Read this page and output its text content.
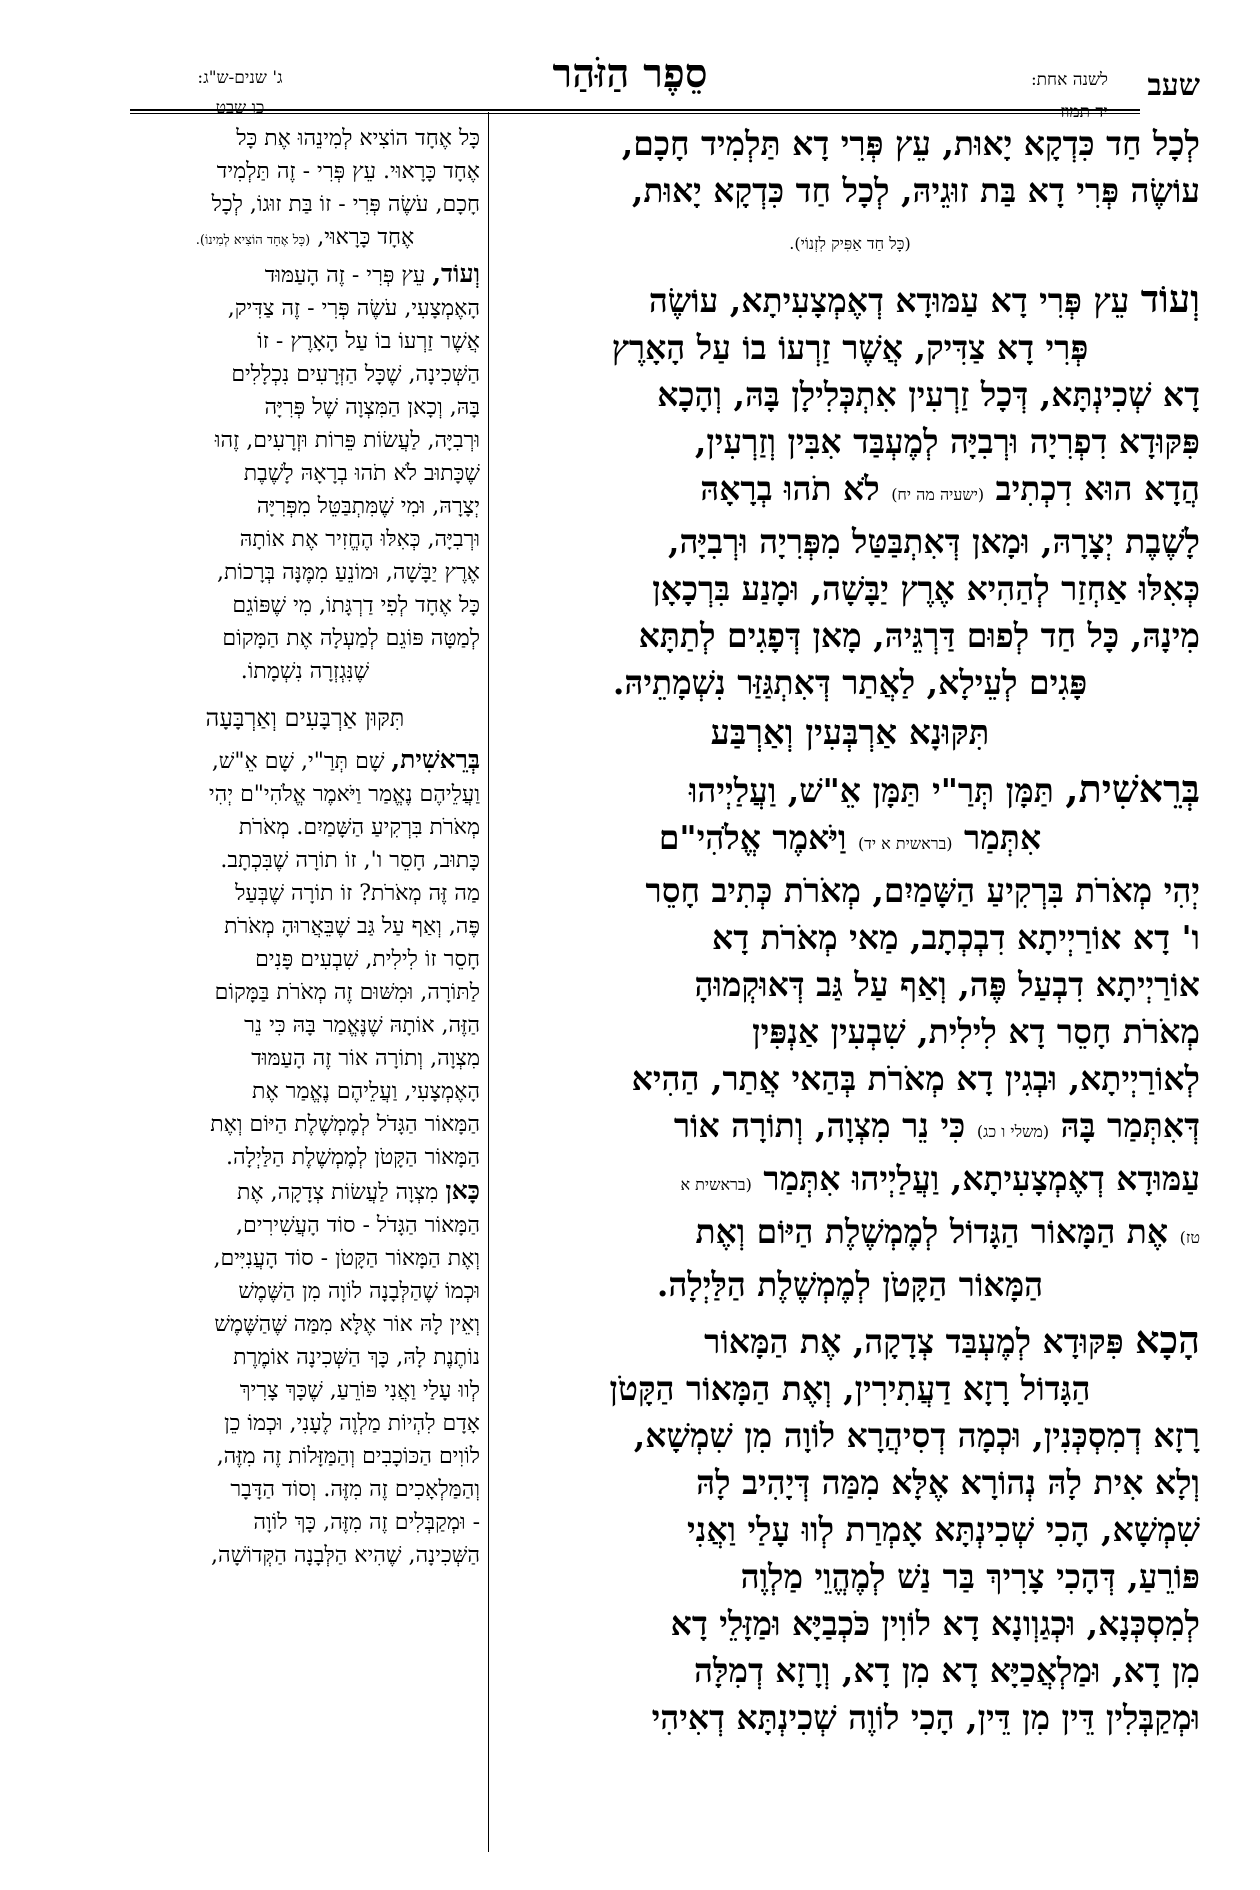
שעב
לשנה אחת:
יד תמוז
סֵפֶר הַזֹּהַר
ג' שנים-ש"ג:
כו שבט

לְכָל חַד כִּדְקָא יָאוּת, עֵץ פְּרִי דָא תַּלְמִיד חָכָם,

עוֹשֶׂה פְּרִי דָא בַּת זוּגֵיהּ, לְכָל חַד כִּדְקָא יָאוּת,

(כָּל חַד אַפִּיק לִזְנוֹי).

וְעוֹד עֵץ פְּרִי דָא עַמּוּדָא דְאֶמְצָעִיתָא, עוֹשֶׂה

פְּרִי דָא צַדִּיק, אֲשֶׁר זַרְעוֹ בוֹ עַל הָאָרֶץ

דָא שְׁכִינְתָּא, דְּכָל זַרְעִין אִתְכְּלִילָן בָּהּ, וְהָכָא

פִּקּוּדָא דִפְרִיָה וּרְבִיָּה לְמֶעְבַּד אִבִּין וְזַרְעִין,

הֲדָא הוּא דִכְתִיב (ישעיה מה יח) לֹא תֹהוּ בְרָאָהּ

לָשֶׁבֶת יְצָרָהּ, וּמָאן דְּאִתְבַּטַּל מִפְּרִיָה וּרְבִיָּה,

כְּאִלּוּ אַחְזַר לְהַהִיא אֶרֶץ יַבָּשָׁה, וּמָנַע בִּרְכָאָן

מִינָהּ, כָּל חַד לְפוּם דַּרְגֵּיהּ, מָאן דְּפָגִים לְתַתָּא

פָּגִים לְעֵילָא, לַאֲתַר דְּאִתְגַּזַּר נִשְׁמָתֵיהּ.

תִּקּוּנָא אַרְבְּעִין וְאַרְבַּע

בְּרֵאשִׁית, תַּמָּן תְּרַ"י תַּמָּן אֵ"שׁ, וַעֲלַיְיהוּ

אִתְּמַר (בראשית א יד) וַיֹּאמֶר אֱלֹהִי"ם

יְהִי מְאֹרֹת בִּרְקִיעַ הַשָּׁמַיִם, מְאֹרֹת כְּתִיב חָסֵר

ו' דָא אוֹרַיְיתָא דִבְכְתָב, מַאי מְאֹרֹת דָא

אוֹרַיְיתָא דִבְעַל פֶּה, וְאַף עַל גַּב דְּאוּקְמוּהָ

מְאֹרֹת חָסֵר דָא לִילִית, שִׁבְעִין אַנְפִּין

לְאוֹרַיְיתָא, וּבְגִין דָא מְאֹרֹת בְּהַאי אֲתַר, הַהִיא

דְּאִתְּמַר בָּהּ (משלי ו כג) כִּי נֵר מִצְוָה, וְתוֹרָה אוֹר

עַמּוּדָא דְאֶמְצָעִיתָא, וַעֲלַיְיהוּ אִתְּמַר (בראשית א

טז) אֶת הַמָּאוֹר הַגָּדוֹל לְמֶמְשֶׁלֶת הַיּוֹם וְאֶת

הַמָּאוֹר הַקָּטֹן לְמֶמְשֶׁלֶת הַלַּיְלָה.

הָכָא פִּקּוּדָא לְמֶעְבַּד צְדָקָה, אֶת הַמָּאוֹר

הַגָּדוֹל רָזָא דַעֲתִירִין, וְאֶת הַמָּאוֹר הַקָּטֹן

רָזָא דְמִסְכְּנִין, וּכְמָה דְסִיהֲרָא לוֹוָה מִן שִׁמְשָׁא,

וְלָא אִית לָהּ נְהוֹרָא אֶלָּא מִמַּה דְּיָהִיב לָהּ

שִׁמְשָׁא, הָכִי שְׁכִינְתָּא אָמְרַת לְווּ עָלַי וַאֲנִי

פּוֹרֵעַ, דְּהָכִי צָרִיךְ בַּר נַשׁ לְמֶהֱוֵי מַלְוֶה

לְמִסְכְּנָא, וּכְגַוְונָא דָא לוֹוִין כֹּכְבַיָּא וּמַזָּלֵי דָא

מִן דָא, וּמַלְאֲכַיָּא דָא מִן דָא, וְרָזָא דְמִלָּה

וּמְקַבְּלִין דֵּין מִן דֵּין, הָכִי לוֹוֶה שְׁכִינְתָּא דְאִיהִי

כָּל אֶחָד הוֹצִיא לְמִינֵהוּ אֶת כָּל

אֶחָד כָּרָאוּי. עֵץ פְּרִי - זֶה תַּלְמִיד

חָכָם, עֹשֶׂה פְּרִי - זוֹ בַּת זוּגוֹ, לְכָל

אֶחָד כָּרָאוּי, (כָּל אֶחָד הוֹצִיא לְמִינוֹ).

וְעוֹד, עֵץ פְּרִי - זֶה הָעַמּוּד

הָאֶמְצָעִי, עֹשֶׂה פְּרִי - זֶה צַדִּיק,

אֲשֶׁר זַרְעוֹ בוֹ עַל הָאָרֶץ - זוֹ

הַשְּׁכִינָה, שֶׁכָּל הַזְּרָעִים נִכְלָלִים

בָּהּ, וְכָאן הַמִּצְוָה שֶׁל פְּרִיָּה

וּרְבִיָּה, לַעֲשׂוֹת פֵּרוֹת וּזְרָעִים, זֶהוּ

שֶׁכָּתוּב לֹא תֹהוּ בְרָאָהּ לָשֶׁבֶת

יְצָרָהּ, וּמִי שֶׁמִּתְבַּטֵּל מִפְּרִיָּה

וּרְבִיָּה, כְּאִלּוּ הֶחֱזִיר אֶת אוֹתָהּ

אֶרֶץ יַבָּשָׁה, וּמוֹנֵעַ מִמֶּנָּה בְּרָכוֹת,

כָּל אֶחָד לְפִי דַרְגָּתוֹ, מִי שֶׁפּוֹגֵם

לְמַטָּה פּוֹגֵם לְמַעְלָה אֶת הַמָּקוֹם

שֶׁנִּגְזְרָה נִשְׁמָתוֹ.

תִּקּוּן אַרְבָּעִים וְאַרְבָּעָה

בְּרֵאשִׁית, שָׁם תְּרַ"י, שָׁם אֵ"שׁ,

וַעֲלֵיהֶם נֶאֱמַר וַיֹּאמֶר אֱלֹהִי"ם יְהִי

מְאֹרֹת בִּרְקִיעַ הַשָּׁמַיִם. מְאֹרֹת

כָּתוּב, חָסֵר ו', זוֹ תוֹרָה שֶׁבִּכְתָב.

מַה זֶּה מְאֹרֹת? זוֹ תוֹרָה שֶׁבְּעַל

פֶּה, וְאַף עַל גַּב שֶׁבֵּאֲרוּהָ מְאֹרֹת

חָסֵר זוֹ לִילִית, שִׁבְעִים פָּנִים

לַתּוֹרָה, וּמִשּׁוּם זֶה מְאֹרֹת בַּמָּקוֹם

הַזֶּה, אוֹתָהּ שֶׁנֶּאֱמַר בָּהּ כִּי נֵר

מִצְוָה, וְתוֹרָה אוֹר זֶה הָעַמּוּד

הָאֶמְצָעִי, וַעֲלֵיהֶם נֶאֱמַר אֶת

הַמָּאוֹר הַגָּדֹל לְמֶמְשֶׁלֶת הַיּוֹם וְאֶת

הַמָּאוֹר הַקָּטֹן לְמֶמְשֶׁלֶת הַלַּיְלָה.

כָּאן מִצְוָה לַעֲשׂוֹת צְדָקָה, אֶת

הַמָּאוֹר הַגָּדֹל - סוֹד הָעֲשִׁירִים,

וְאֶת הַמָּאוֹר הַקָּטֹן - סוֹד הָעֲנִיִּים,

וּכְמוֹ שֶׁהַלְּבָנָה לוֹוָה מִן הַשֶּׁמֶשׁ

וְאֵין לָהּ אוֹר אֶלָּא מִמַּה שֶּׁהַשֶּׁמֶשׁ

נוֹתֶנֶת לָהּ, כָּךְ הַשְּׁכִינָה אוֹמֶרֶת

לְווּ עָלַי וַאֲנִי פּוֹרֵעַ, שֶׁכָּךְ צָרִיךְ

אָדָם לִהְיוֹת מַלְוֶה לֶעָנִי, וּכְמוֹ כֵן

לוֹוִים הַכּוֹכָבִים וְהַמַּזָּלוֹת זֶה מִזֶּה,

וְהַמַּלְאָכִים זֶה מִזֶּה. וְסוֹד הַדָּבָר

- וּמְקַבְּלִים זֶה מִזֶּה, כָּךְ לוֹוָה

הַשְּׁכִינָה, שֶׁהִיא הַלְּבָנָה הַקְּדוֹשָׁה,
